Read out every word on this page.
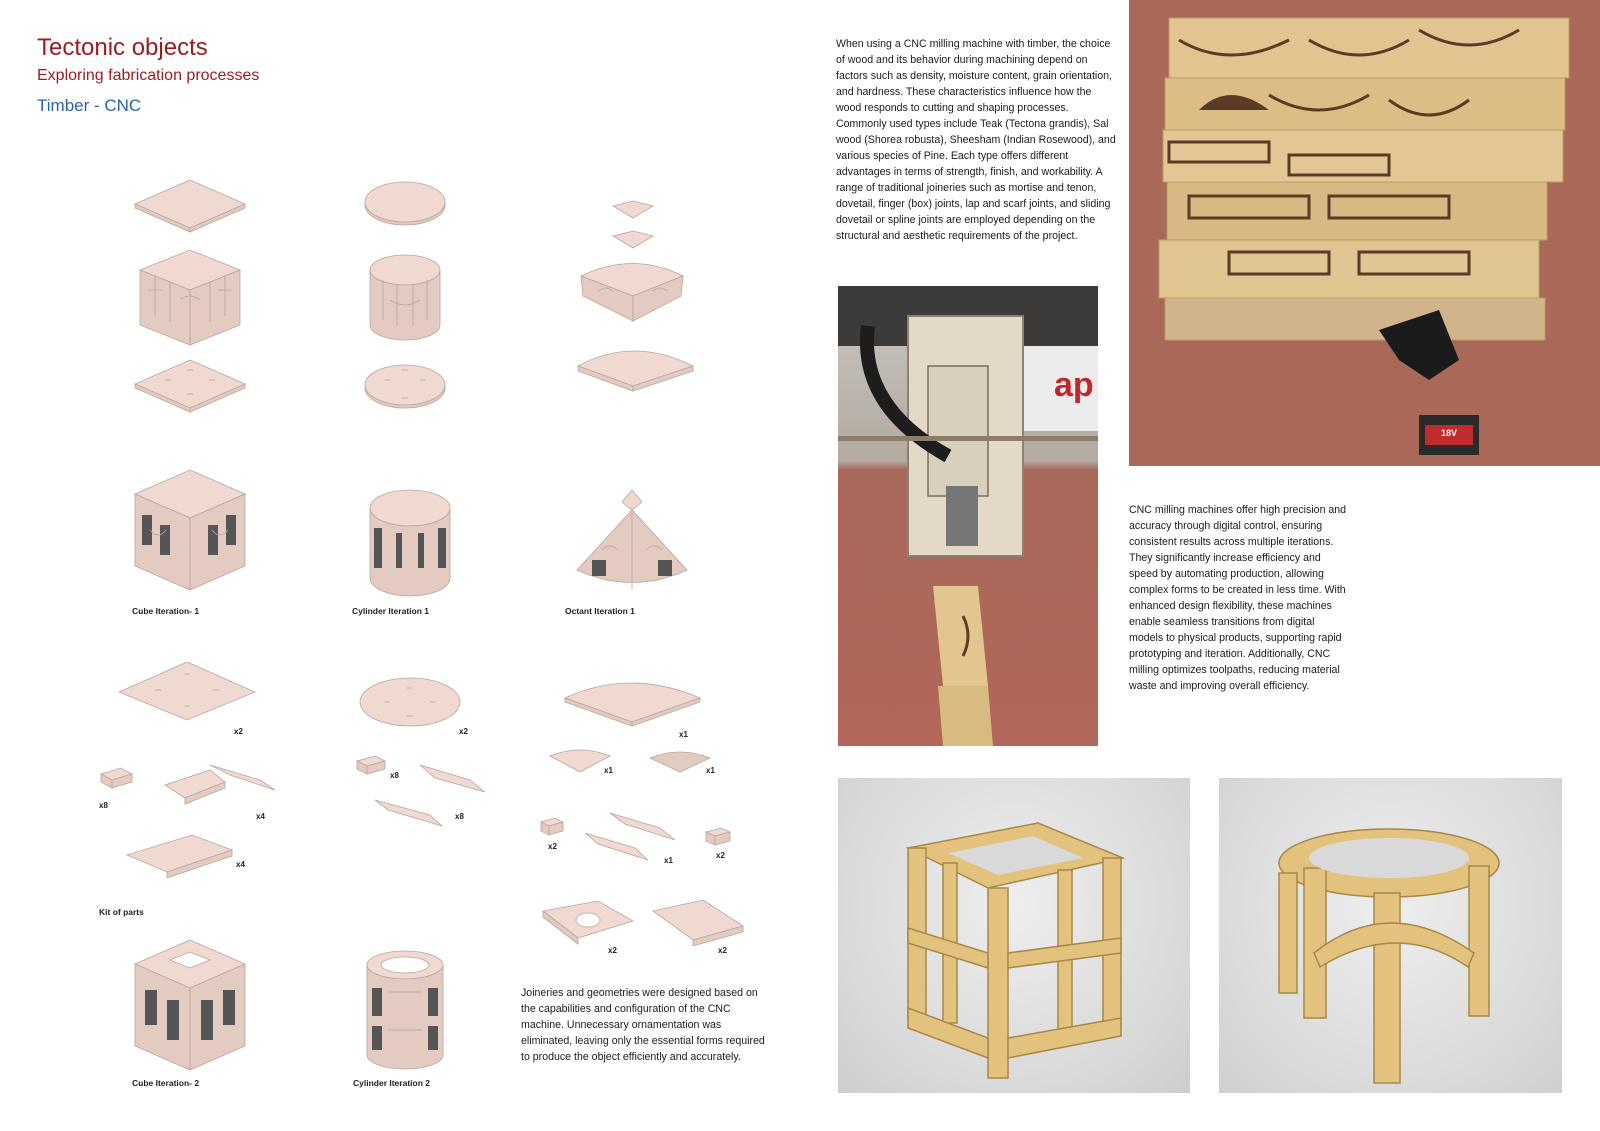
Tectonic objects
Exploring fabrication processes
Timber - CNC
Cube Iteration- 1	Cylinder Iteration 1	Octant Iteration 1
x2
x8
x4
x4
Kit of parts
x2
x8
x8
x1
x1	x1
x2
x1
x2
x2	x2
Cube Iteration- 2	Cylinder Iteration 2
When using a CNC milling machine with timber, the choice of wood and its behavior during machining depend on factors such as density, moisture content, grain orientation, and hardness. These characteristics influence how the wood responds to cutting and shaping processes. Commonly used types include Teak (Tectona grandis), Sal wood (Shorea robusta), Sheesham (Indian Rosewood), and various species of Pine. Each type offers different advantages in terms of strength, finish, and workability. A range of traditional joineries such as mortise and tenon, dovetail, finger (box) joints, lap and scarf joints, and sliding dovetail or spline joints are employed depending on the structural and aesthetic requirements of the project.
CNC milling machines offer high precision and accuracy through digital control, ensuring consistent results across multiple iterations. They significantly increase efficiency and speed by automating production, allowing complex forms to be created in less time. With enhanced design flexibility, these machines enable seamless transitions from digital models to physical products, supporting rapid prototyping and iteration. Additionally, CNC milling optimizes toolpaths, reducing material waste and improving overall efficiency.
Joineries and geometries were designed based on the capabilities and configuration of the CNC machine. Unnecessary ornamentation was eliminated, leaving only the essential forms required to produce the object efficiently and accurately.
ap
18V
